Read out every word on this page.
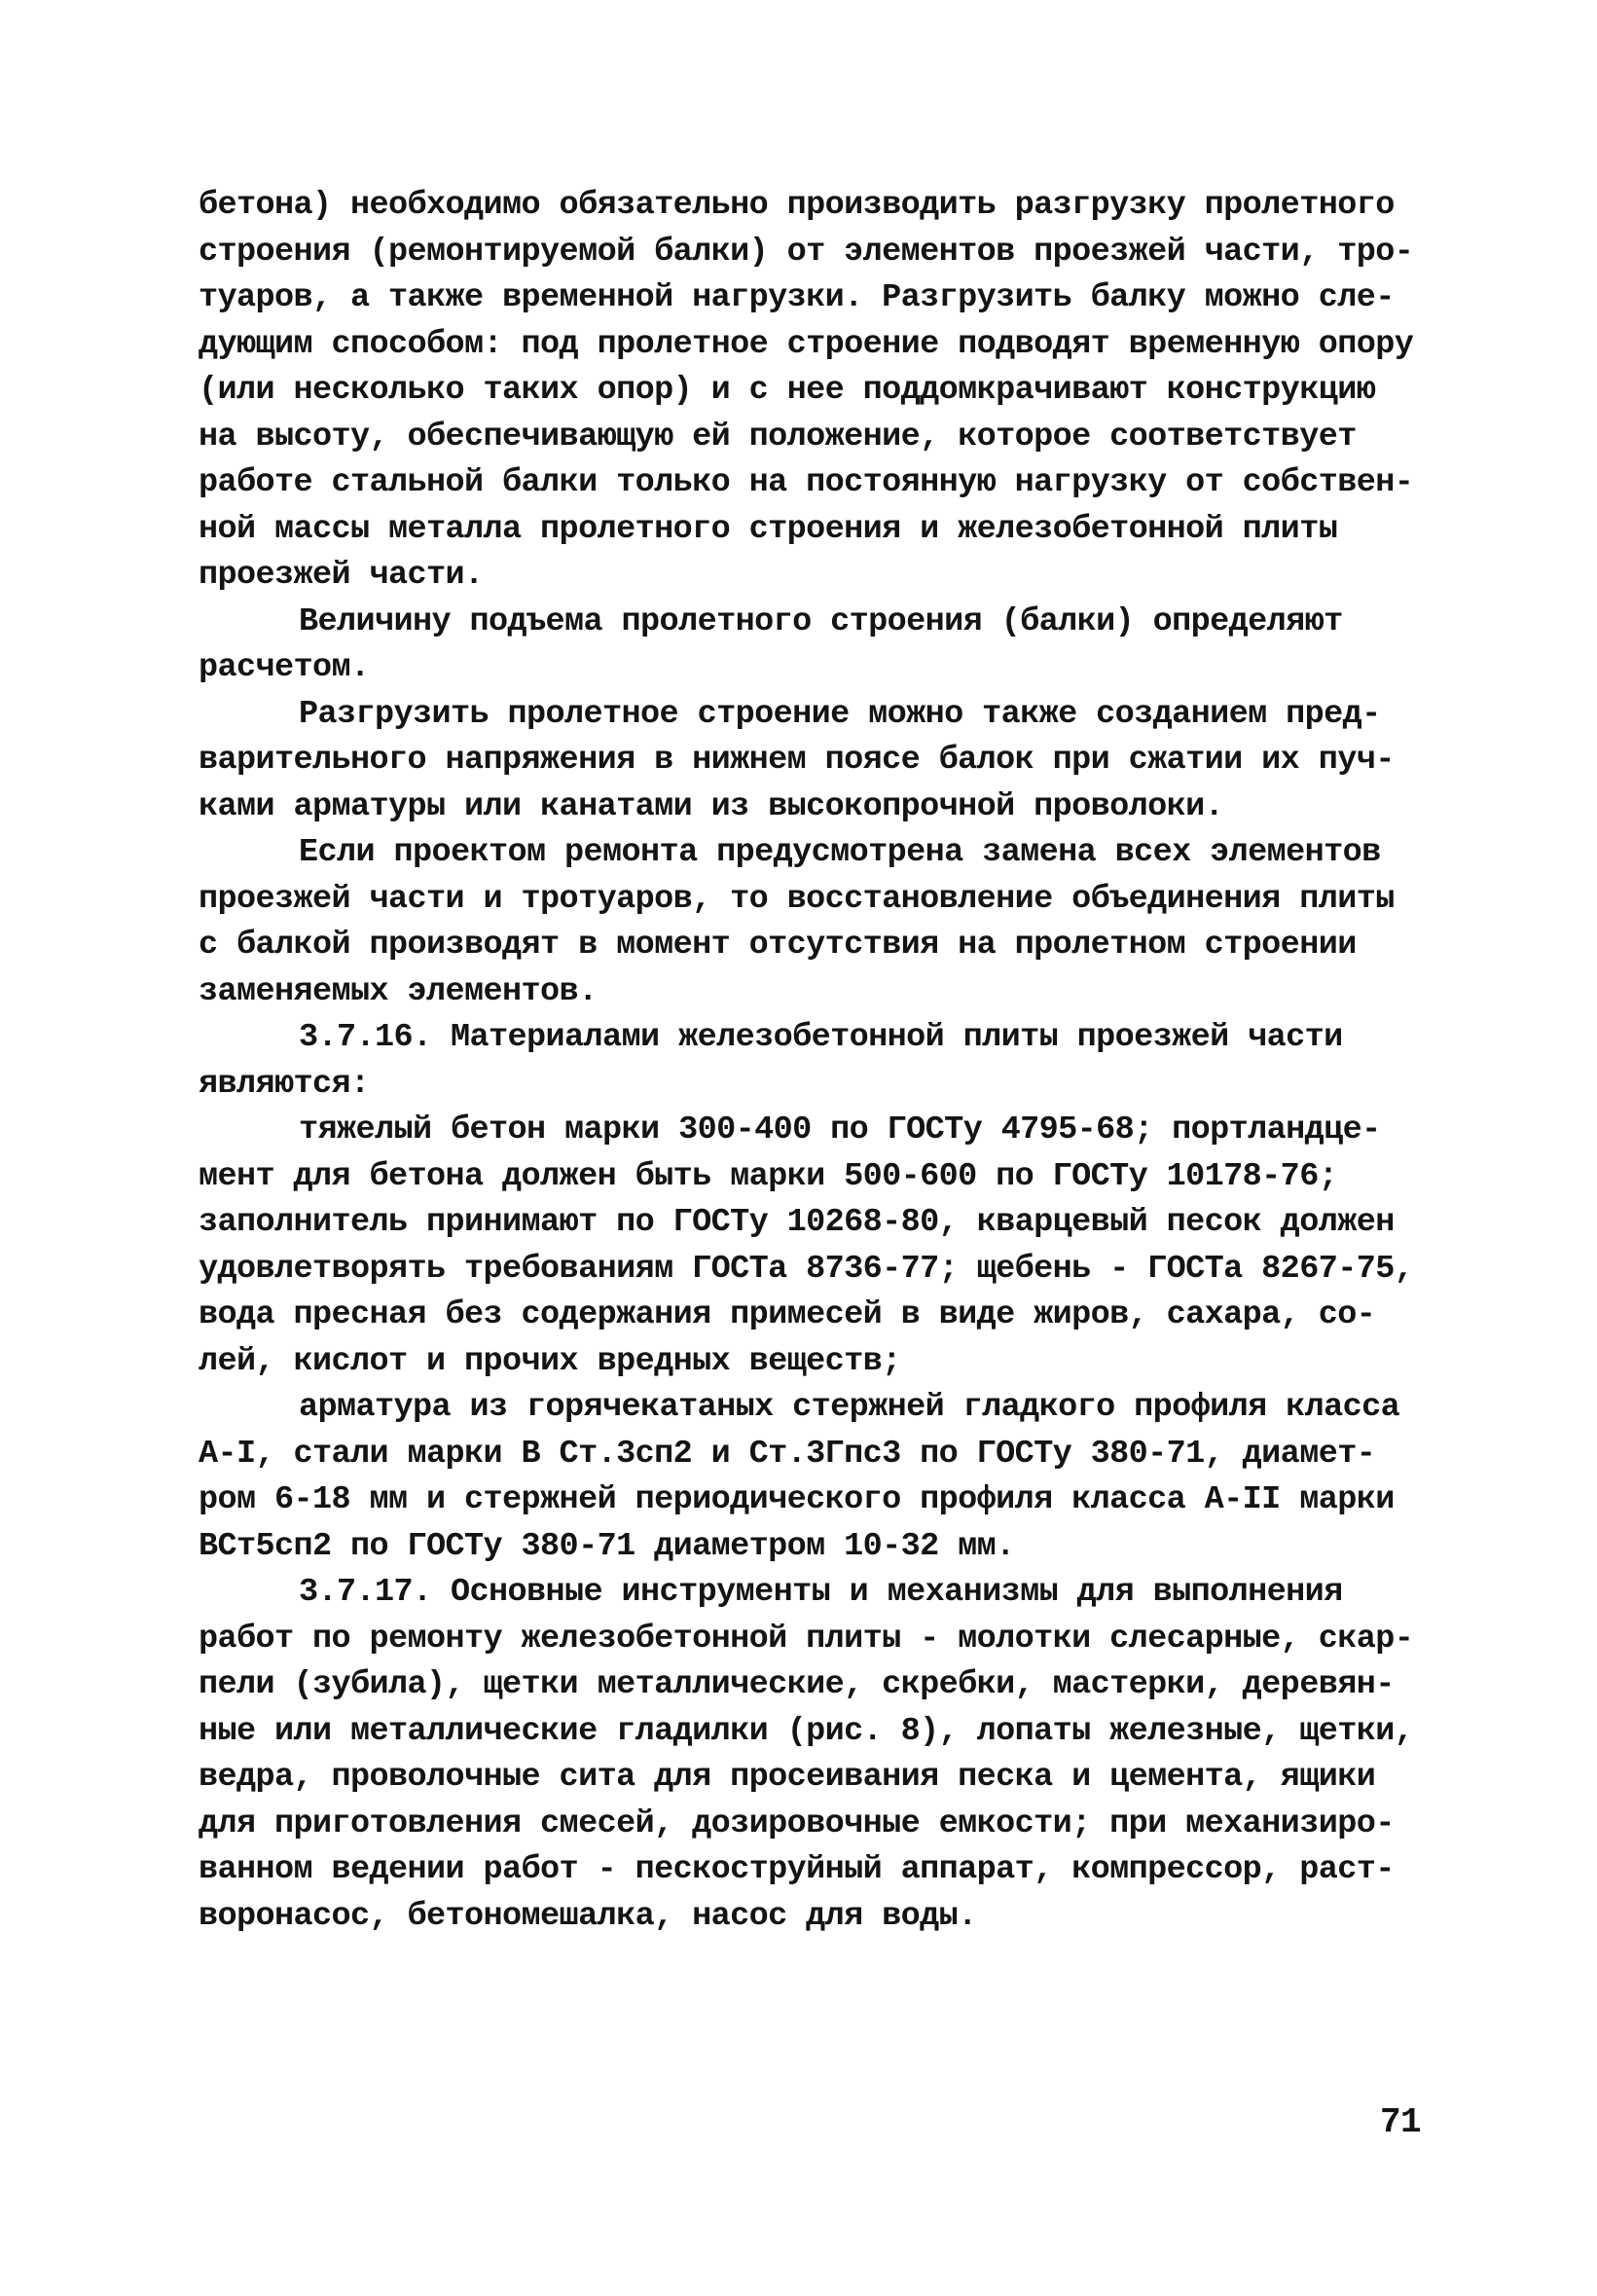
бетона) необходимо обязательно производить разгрузку пролетного
строения (ремонтируемой балки) от элементов проезжей части, тро-
туаров, а также временной нагрузки. Разгрузить балку можно сле-
дующим способом: под пролетное строение подводят временную опору
(или несколько таких опор) и с нее поддомкрачивают конструкцию
на высоту, обеспечивающую ей положение, которое соответствует
работе стальной балки только на постоянную нагрузку от собствен-
ной массы металла пролетного строения и железобетонной плиты
проезжей части.
Величину подъема пролетного строения (балки) определяют
расчетом.
Разгрузить пролетное строение можно также созданием пред-
варительного напряжения в нижнем поясе балок при сжатии их пуч-
ками арматуры или канатами из высокопрочной проволоки.
Если проектом ремонта предусмотрена замена всех элементов
проезжей части и тротуаров, то восстановление объединения плиты
с балкой производят в момент отсутствия на пролетном строении
заменяемых элементов.
3.7.16. Материалами железобетонной плиты проезжей части
являются:
тяжелый бетон марки 300-400 по ГОСТу 4795-68; портландце-
мент для бетона должен быть марки 500-600 по ГОСТу 10178-76;
заполнитель принимают по ГОСТу 10268-80, кварцевый песок должен
удовлетворять требованиям ГОСТа 8736-77; щебень - ГОСТа 8267-75,
вода пресная без содержания примесей в виде жиров, сахара, со-
лей, кислот и прочих вредных веществ;
арматура из горячекатаных стержней гладкого профиля класса
А-I, стали марки В Ст.3сп2 и Ст.3Гпс3 по ГОСТу 380-71, диамет-
ром 6-18 мм и стержней периодического профиля класса А-II марки
ВСт5сп2 по ГОСТу 380-71 диаметром 10-32 мм.
3.7.17. Основные инструменты и механизмы для выполнения
работ по ремонту железобетонной плиты - молотки слесарные, скар-
пели (зубила), щетки металлические, скребки, мастерки, деревян-
ные или металлические гладилки (рис. 8), лопаты железные, щетки,
ведра, проволочные сита для просеивания песка и цемента, ящики
для приготовления смесей, дозировочные емкости; при механизиро-
ванном ведении работ - пескоструйный аппарат, компрессор, раст-
воронасос, бетономешалка, насос для воды.
71
